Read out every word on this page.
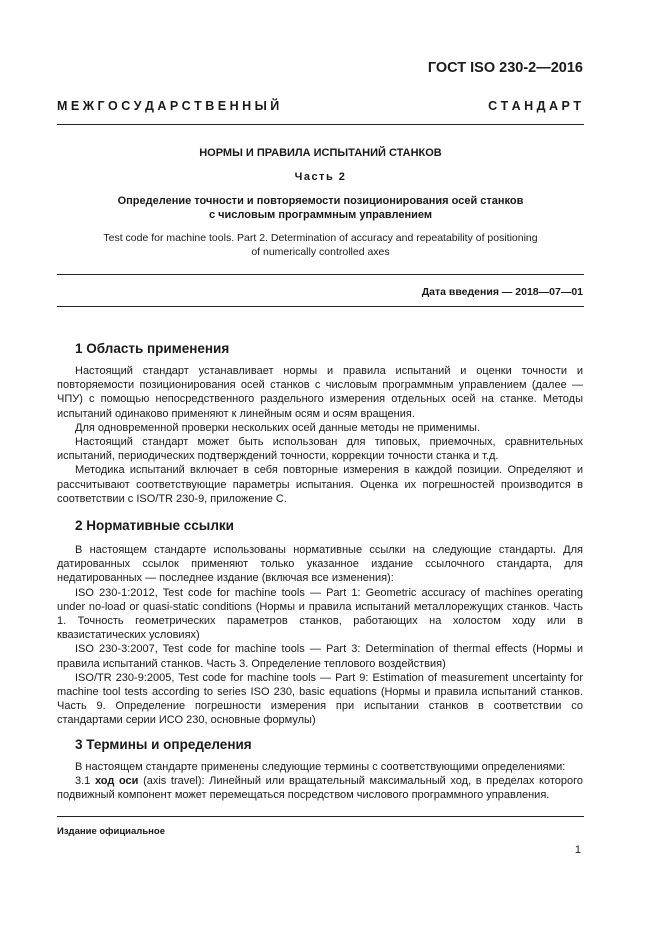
ГОСТ ISO 230-2—2016
М Е Ж Г О С У Д А Р С Т В Е Н Н Ы Й	С Т А Н Д А Р Т
НОРМЫ И ПРАВИЛА ИСПЫТАНИЙ СТАНКОВ
Часть 2
Определение точности и повторяемости позиционирования осей станков
с числовым программным управлением
Test code for machine tools. Part 2. Determination of accuracy and repeatability of positioning
of numerically controlled axes
Дата введения — 2018—07—01
1 Область применения

Настоящий стандарт устанавливает нормы и правила испытаний и оценки точности и повторяемости позиционирования осей станков с числовым программным управлением (далее — ЧПУ) с помощью непосредственного раздельного измерения отдельных осей на станке. Методы испытаний одинаково применяют к линейным осям и осям вращения.

Для одновременной проверки нескольких осей данные методы не применимы.

Настоящий стандарт может быть использован для типовых, приемочных, сравнительных испытаний, периодических подтверждений точности, коррекции точности станка и т.д.

Методика испытаний включает в себя повторные измерения в каждой позиции. Определяют и рассчитывают соответствующие параметры испытания. Оценка их погрешностей производится в соответствии с ISO/TR 230-9, приложение С.

2 Нормативные ссылки

В настоящем стандарте использованы нормативные ссылки на следующие стандарты. Для датированных ссылок применяют только указанное издание ссылочного стандарта, для недатированных — последнее издание (включая все изменения):

ISO 230-1:2012, Test code for machine tools — Part 1: Geometric accuracy of machines operating under no-load or quasi-static conditions (Нормы и правила испытаний металлорежущих станков. Часть 1. Точность геометрических параметров станков, работающих на холостом ходу или в квазистатических условиях)

ISO 230-3:2007, Test code for machine tools — Part 3: Determination of thermal effects (Нормы и правила испытаний станков. Часть 3. Определение теплового воздействия)

ISO/TR 230-9:2005, Test code for machine tools — Part 9: Estimation of measurement uncertainty for machine tool tests according to series ISO 230, basic equations (Нормы и правила испытаний станков. Часть 9. Определение погрешности измерения при испытании станков в соответствии со стандартами серии ИСО 230, основные формулы)

3 Термины и определения

В настоящем стандарте применены следующие термины с соответствующими определениями:

3.1 ход оси (axis travel): Линейный или вращательный максимальный ход, в пределах которого подвижный компонент может перемещаться посредством числового программного управления.

Издание официальное
1
